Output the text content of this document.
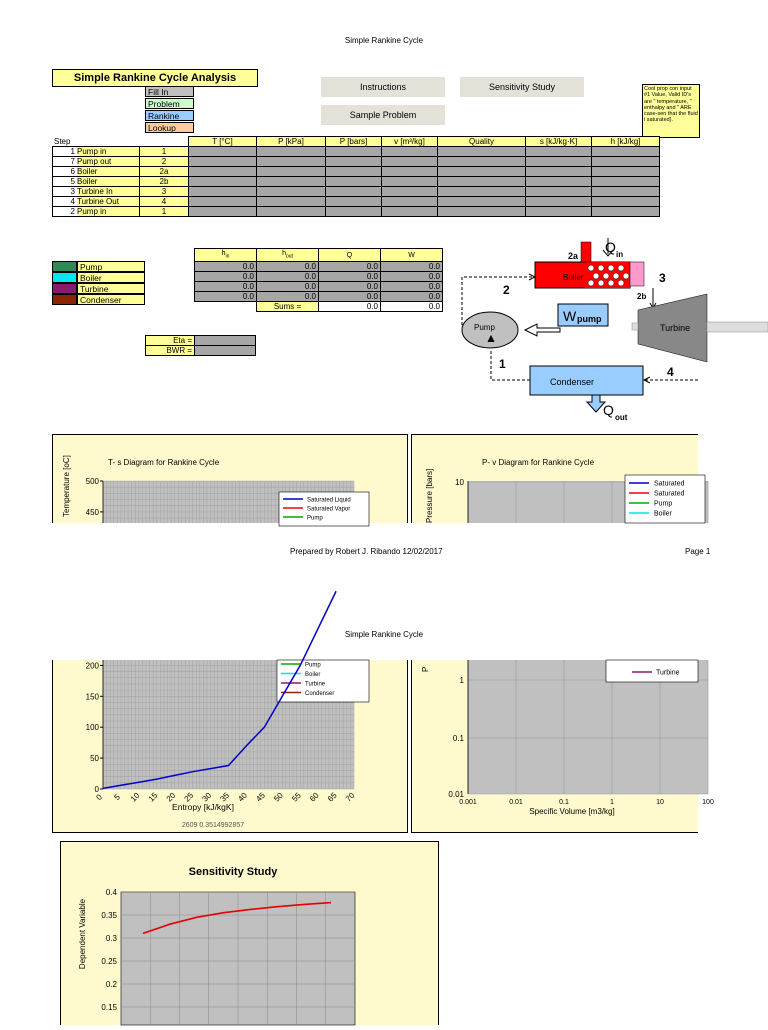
Simple Rankine Cycle
Simple Rankine Cycle Analysis
Instructions	Sensitivity Study
Sample Problem
Cool prop con input #1 Value, Valid ID's are " temperature, " enthalpy and " ARE case-sen that the fluid i saturated).
Step
		T [°C]	P [kPa]	P [bars]	v [m³/kg]	Quality	s [kJ/kg·K]	h [kJ/kg]
1 Pump in	1							
7 Pump out	2							
6 Boiler	2a							
5 Boiler	2b							
3 Turbine In	3							
4 Turbine Out	4							
2 Pump in	1							
$h_{in}$	$h_{out}$	Q	W
0.0	0.0	0.0	0.0
0.0	0.0	0.0	0.0
0.0	0.0	0.0	0.0
0.0	0.0	0.0	0.0
	Sums =	0.0	0.0
Eta =	
BWR =	
Boiler
2a
2b
Q in
3
Turbine
Pump
W pump
2
Condenser
4
1
Q out
500
450
T- s Diagram for Rankine Cycle
Temperature [oC]	Saturated Liquid
Saturated Vapor
Pump
P- v Diagram for Rankine Cycle
Pressure [bars]	10	Saturated
Saturated
Pump
Boiler
Prepared by Robert J. Ribando 12/02/2017	Page 1
Simple Rankine Cycle
200
150
100
50
0
Pump
Boiler
Turbine
Condenser
0 5 10 15 20 25 30 35 40 45 50 55 60 65 70
Entropy [kJ/kgK]
2609 0.3514992857
P
1
0.1
0.01
0.001	0.01	0.1	1	10	100
Specific Volume [m3/kg]
Turbine
Sensitivity Study
Dependent Variable
0.4
0.35
0.3
0.25
0.2
0.15
Fill In
Problem
Rankine
Lookup
Pump
Boiler
Turbine
Condenser
